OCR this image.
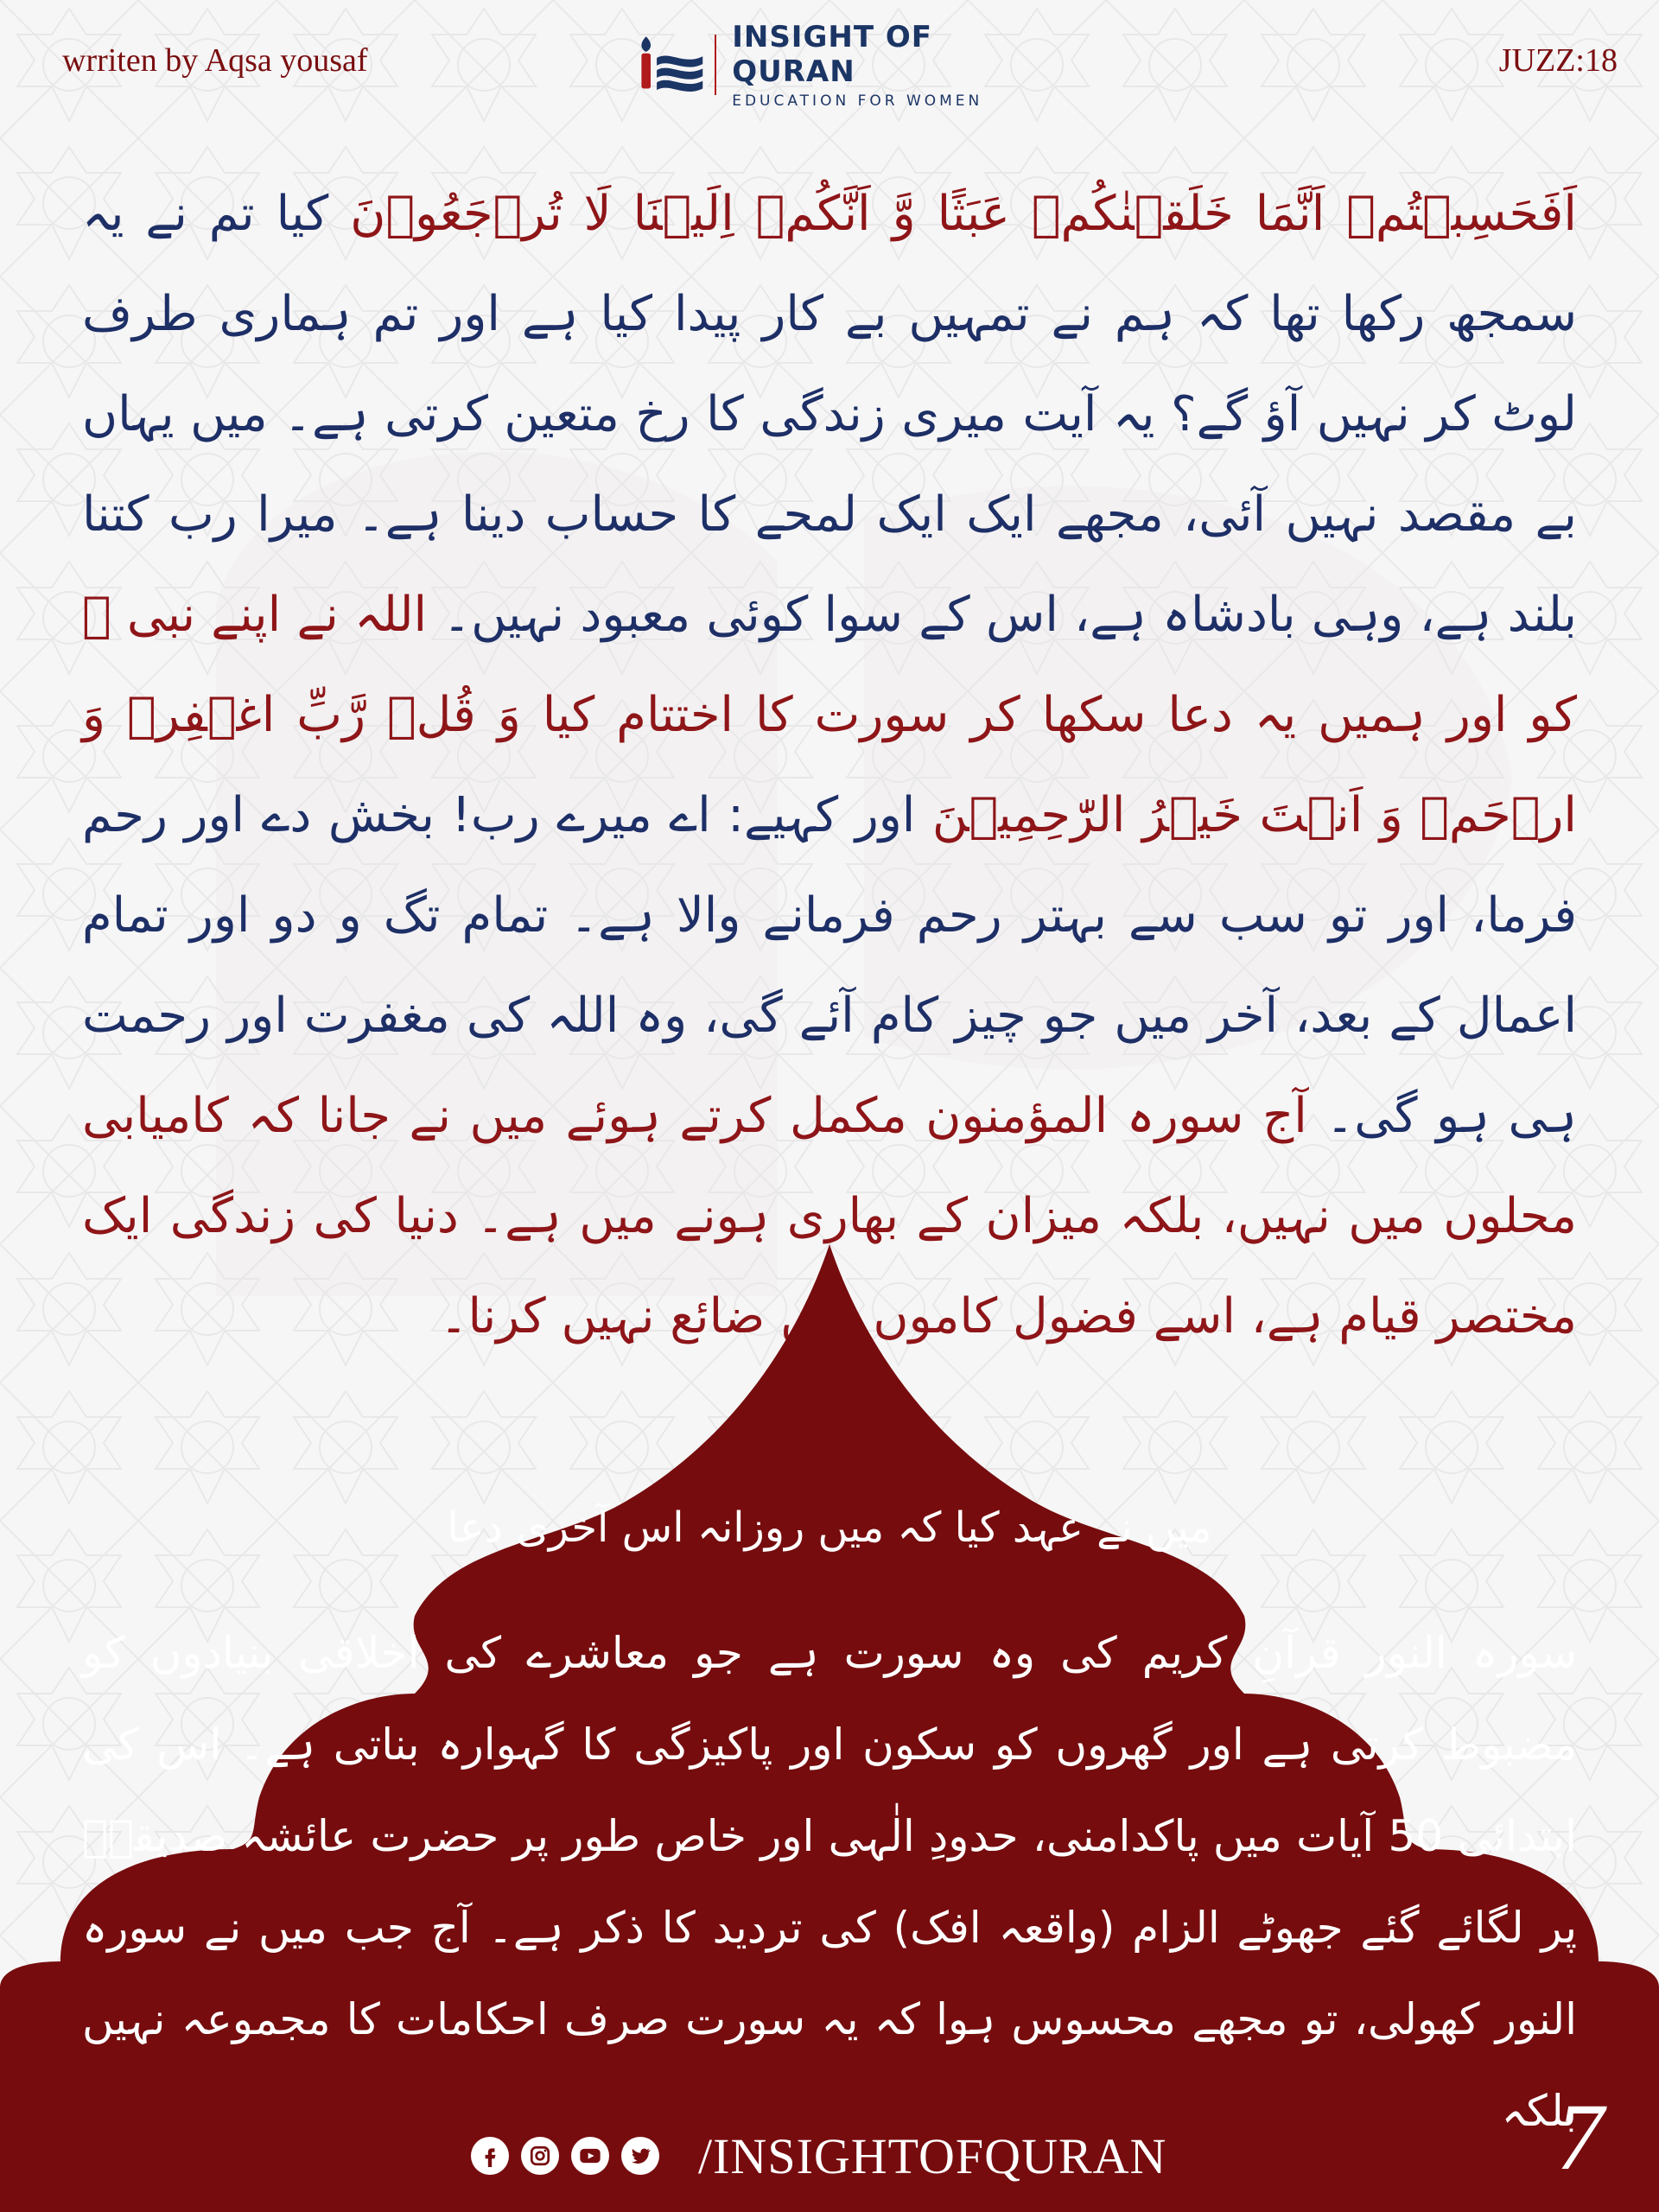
wrriten by Aqsa yousaf
INSIGHT OF QURAN
EDUCATION FOR WOMEN
JUZZ:18

اَفَحَسِبۡتُمۡ اَنَّمَا خَلَقۡنٰكُمۡ عَبَثًا وَّ اَنَّكُمۡ اِلَيۡنَا لَا تُرۡجَعُوۡنَ کیا تم نے یہ سمجھ رکھا تھا کہ ہم نے تمہیں بے کار پیدا کیا ہے اور تم ہماری طرف لوٹ کر نہیں آؤ گے؟ یہ آیت میری زندگی کا رخ متعین کرتی ہے۔ میں یہاں بے مقصد نہیں آئی، مجھے ایک ایک لمحے کا حساب دینا ہے۔ میرا رب کتنا بلند ہے، وہی بادشاہ ہے، اس کے سوا کوئی معبود نہیں۔ اللہ نے اپنے نبی ﷺ کو اور ہمیں یہ دعا سکھا کر سورت کا اختتام کیا وَ قُلۡ رَّبِّ اغۡفِرۡ وَ ارۡحَمۡ وَ اَنۡتَ خَيۡرُ الرّٰحِمِيۡنَ اور کہیے: اے میرے رب! بخش دے اور رحم فرما، اور تو سب سے بہتر رحم فرمانے والا ہے۔ تمام تگ و دو اور تمام اعمال کے بعد، آخر میں جو چیز کام آئے گی، وہ اللہ کی مغفرت اور رحمت ہی ہو گی۔ آج سورہ المؤمنون مکمل کرتے ہوئے میں نے جانا کہ کامیابی محلوں میں نہیں، بلکہ میزان کے بھاری ہونے میں ہے۔ دنیا کی زندگی ایک مختصر قیام ہے، اسے فضول کاموں میں ضائع نہیں کرنا۔

میں نے عہد کیا کہ میں روزانہ اس آخری دعا
سورہ النور قرآنِ کریم کی وہ سورت ہے جو معاشرے کی اخلاقی بنیادوں کو مضبوط کرتی ہے اور گھروں کو سکون اور پاکیزگی کا گہوارہ بناتی ہے۔ اس کی ابتدائی 50 آیات میں پاکدامنی، حدودِ الٰہی اور خاص طور پر حضرت عائشہ صدیقہؓ پر لگائے گئے جھوٹے الزام (واقعہ افک) کی تردید کا ذکر ہے۔ آج جب میں نے سورہ النور کھولی، تو مجھے محسوس ہوا کہ یہ سورت صرف احکامات کا مجموعہ نہیں بلکہ
/INSIGHTOFQURAN	7
